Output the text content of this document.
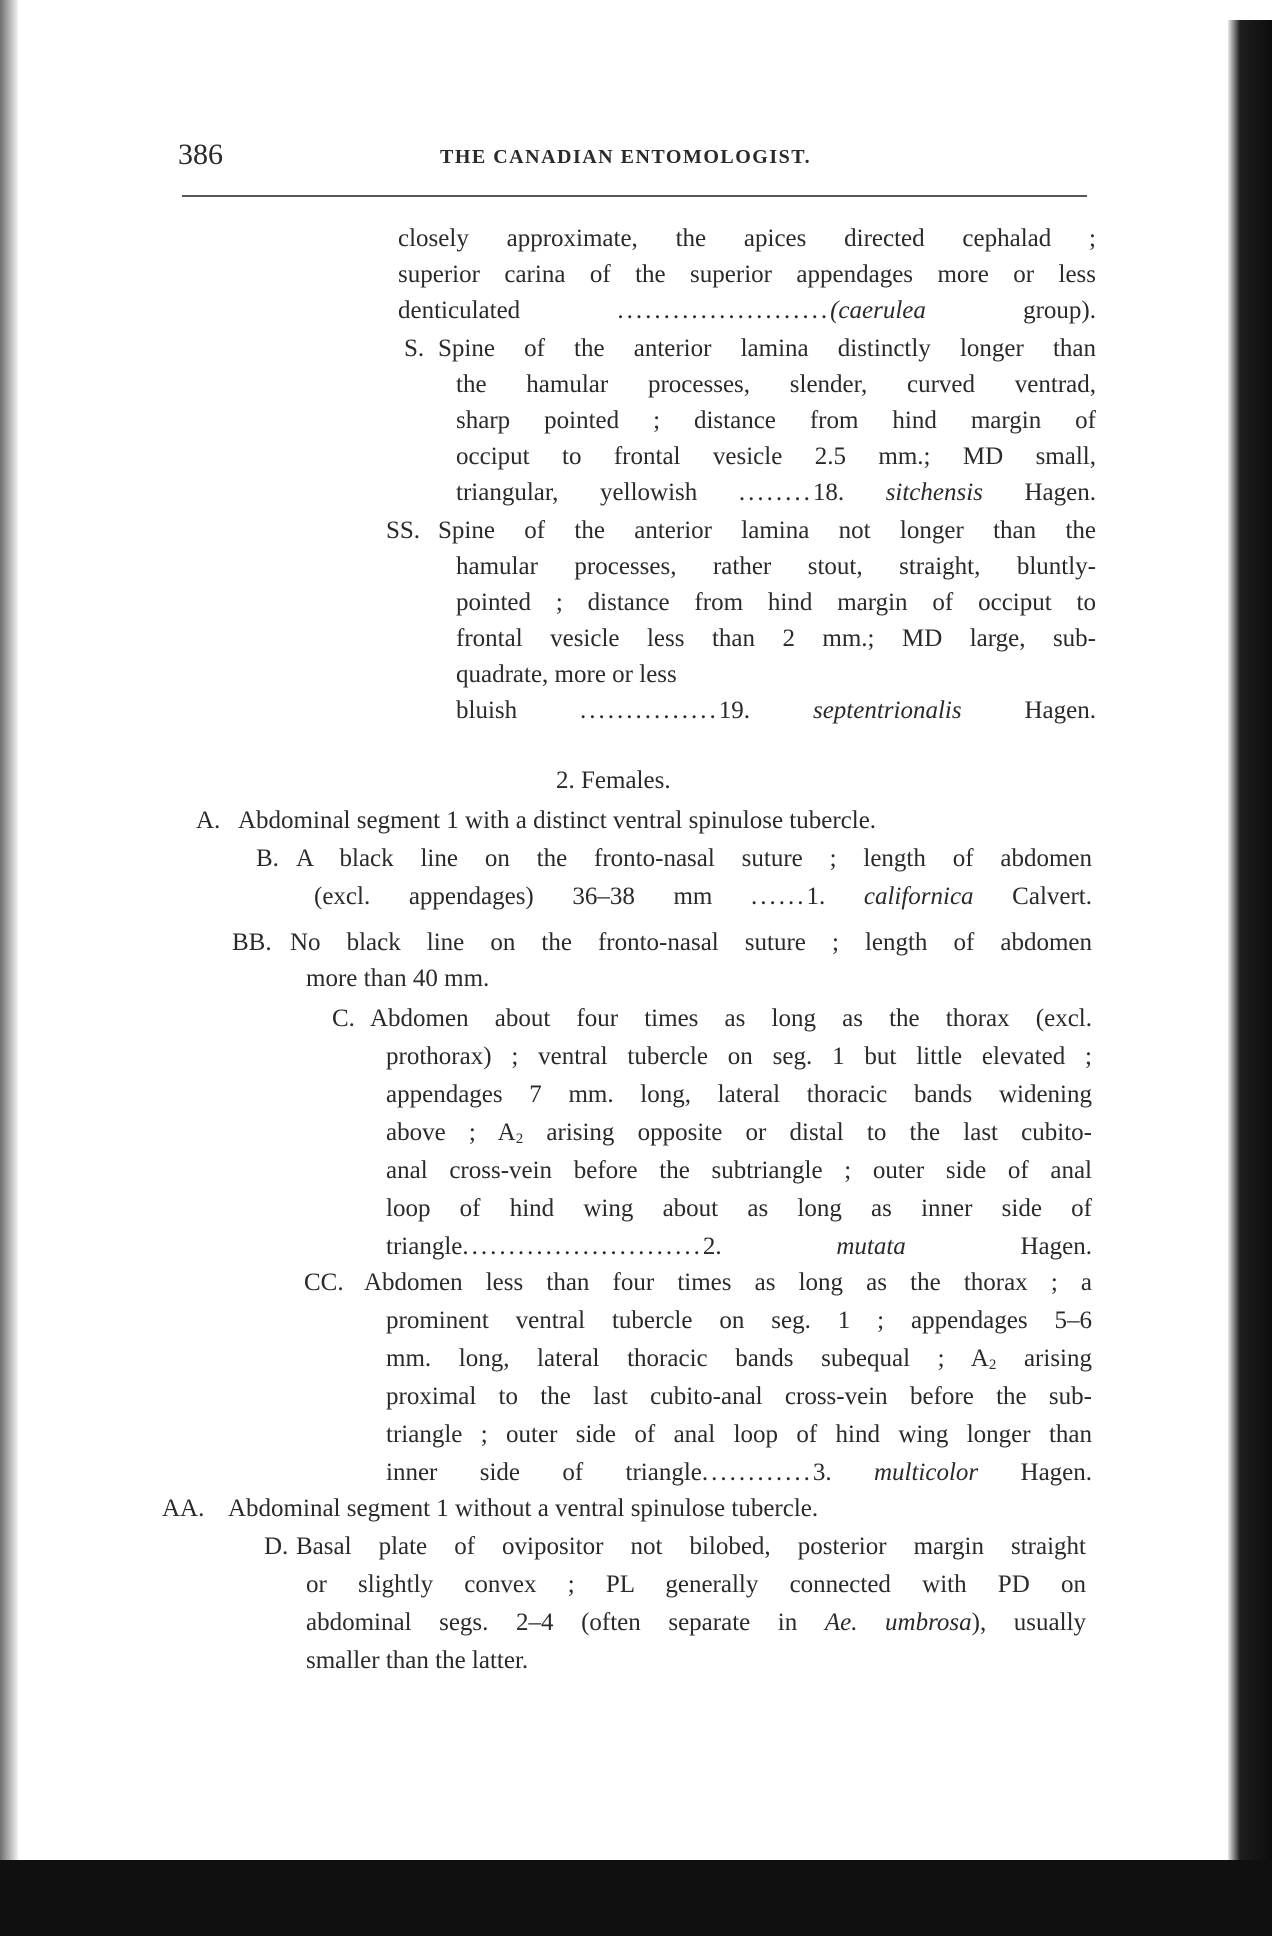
386	THE CANADIAN ENTOMOLOGIST.
closely approximate, the apices directed cephalad ;
superior carina of the superior appendages more or less
denticulated	.......................(caerulea	group).
S. Spine of the anterior lamina distinctly longer than
the hamular processes, slender, curved ventrad,
sharp pointed ; distance from hind margin of
occiput to frontal vesicle 2.5 mm.; MD small,
triangular, yellowish ........18. sitchensis Hagen.
SS. Spine of the anterior lamina not longer than the
hamular processes, rather stout, straight, bluntly-
pointed ; distance from hind margin of occiput to
frontal vesicle less than 2 mm.; MD large, sub-
quadrate, more or less
bluish	...............19.	septentrionalis	Hagen.
2. Females.
A. Abdominal segment 1 with a distinct ventral spinulose tubercle.
B. A black line on the fronto-nasal suture ; length of abdomen
(excl. appendages) 36–38 mm ......1. californica Calvert.
BB. No black line on the fronto-nasal suture ; length of abdomen
more than 40 mm.
C. Abdomen about four times as long as the thorax (excl.
prothorax) ; ventral tubercle on seg. 1 but little elevated ;
appendages 7 mm. long, lateral thoracic bands widening
above ; $A_2$ arising opposite or distal to the last cubito-
anal cross-vein before the subtriangle ; outer side of anal
loop of hind wing about as long as inner side of
triangle..........................2.	mutata	Hagen.
CC. Abdomen less than four times as long as the thorax ; a
prominent ventral tubercle on seg. 1 ; appendages 5–6
mm. long, lateral thoracic bands subequal ; $A_2$ arising
proximal to the last cubito-anal cross-vein before the sub-
triangle ; outer side of anal loop of hind wing longer than
inner side of triangle............3. multicolor Hagen.
AA. Abdominal segment 1 without a ventral spinulose tubercle.
D. Basal plate of ovipositor not bilobed, posterior margin straight
or slightly convex ; PL generally connected with PD on
abdominal segs. 2–4 (often separate in Ae. umbrosa), usually
smaller than the latter.
